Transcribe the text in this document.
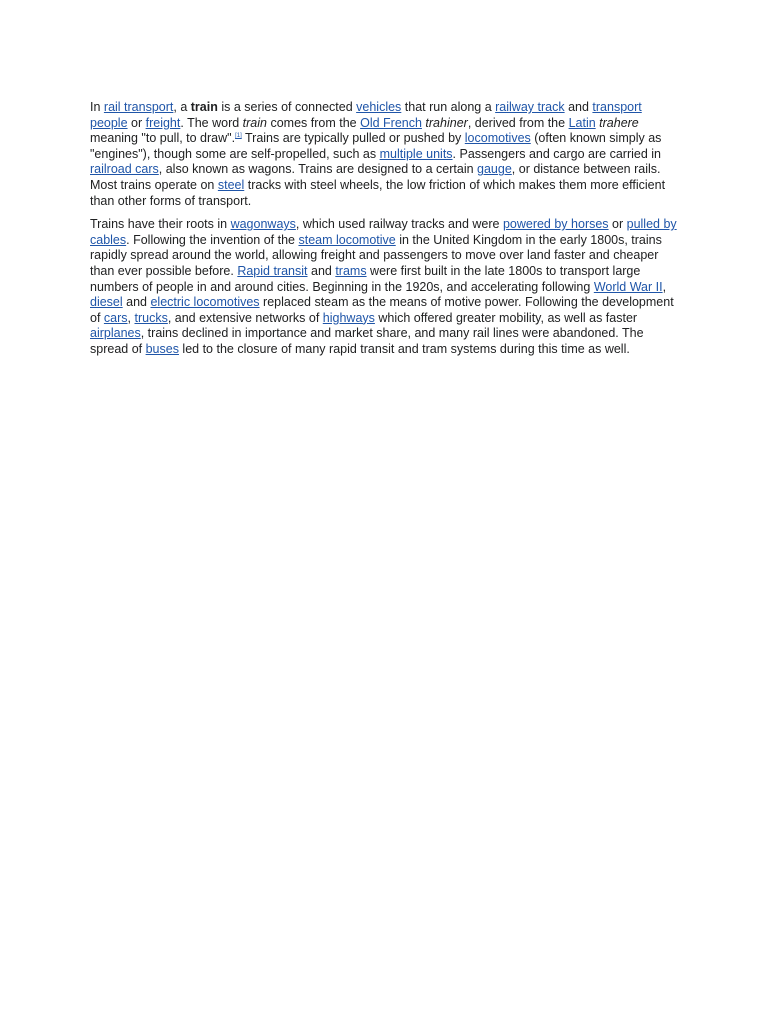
In rail transport, a train is a series of connected vehicles that run along a railway track and transport people or freight. The word train comes from the Old French trahiner, derived from the Latin trahere meaning "to pull, to draw".[1] Trains are typically pulled or pushed by locomotives (often known simply as "engines"), though some are self-propelled, such as multiple units. Passengers and cargo are carried in railroad cars, also known as wagons. Trains are designed to a certain gauge, or distance between rails. Most trains operate on steel tracks with steel wheels, the low friction of which makes them more efficient than other forms of transport.

Trains have their roots in wagonways, which used railway tracks and were powered by horses or pulled by cables. Following the invention of the steam locomotive in the United Kingdom in the early 1800s, trains rapidly spread around the world, allowing freight and passengers to move over land faster and cheaper than ever possible before. Rapid transit and trams were first built in the late 1800s to transport large numbers of people in and around cities. Beginning in the 1920s, and accelerating following World War II, diesel and electric locomotives replaced steam as the means of motive power. Following the development of cars, trucks, and extensive networks of highways which offered greater mobility, as well as faster airplanes, trains declined in importance and market share, and many rail lines were abandoned. The spread of buses led to the closure of many rapid transit and tram systems during this time as well.
